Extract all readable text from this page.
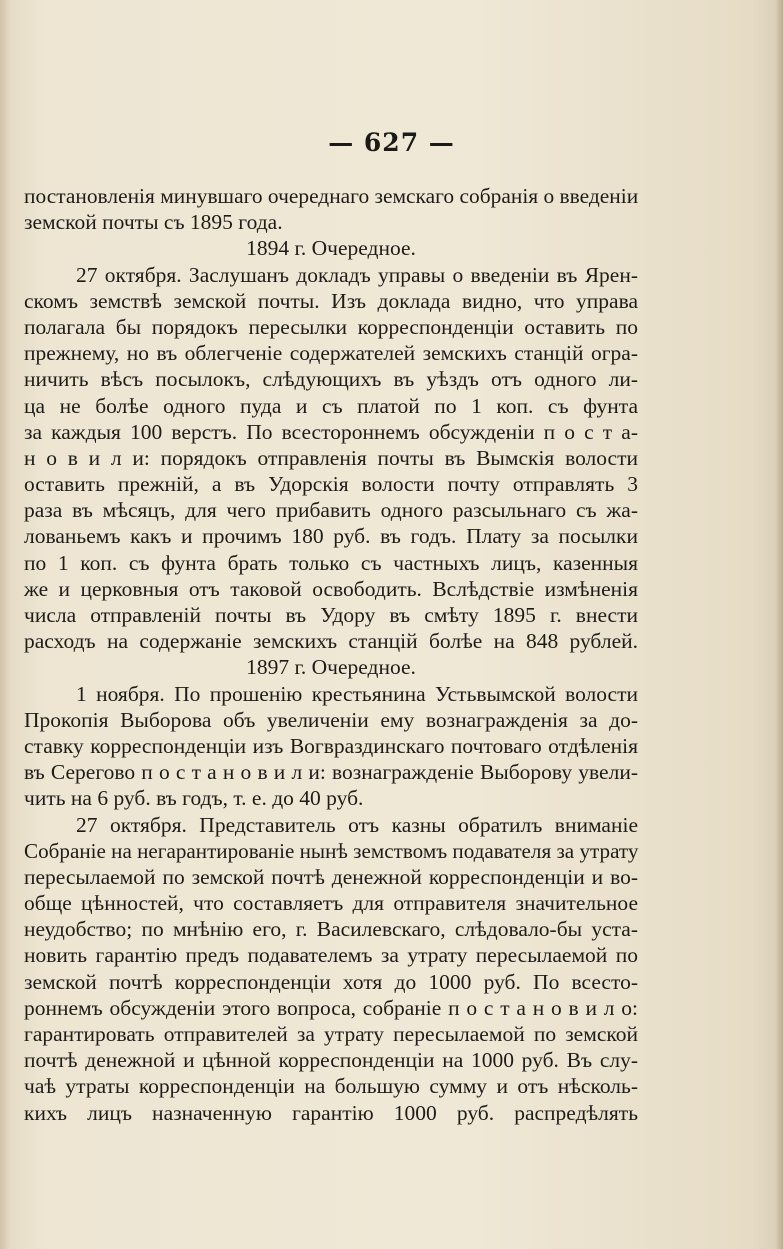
— 627 —
постановленія минувшаго очереднаго земскаго собранія о введеніи
земской почты съ 1895 года.
1894 г. Очередное.
27 октября. Заслушанъ докладъ управы о введеніи въ Ярен-
скомъ земствѣ земской почты. Изъ доклада видно, что управа
полагала бы порядокъ пересылки корреспонденціи оставить по
прежнему, но въ облегченіе содержателей земскихъ станцій огра-
ничить вѣсъ посылокъ, слѣдующихъ въ уѣздъ отъ одного ли-
ца не болѣе одного пуда и съ платой по 1 коп. съ фунта
за каждыя 100 верстъ. По всестороннемъ обсужденіи п о с т а-
н о в и л и: порядокъ отправленія почты въ Вымскія волости
оставить прежній, а въ Удорскія волости почту отправлять 3
раза въ мѣсяцъ, для чего прибавить одного разсыльнаго съ жа-
лованьемъ какъ и прочимъ 180 руб. въ годъ. Плату за посылки
по 1 коп. съ фунта брать только съ частныхъ лицъ, казенныя
же и церковныя отъ таковой освободить. Вслѣдствіе измѣненія
числа отправленій почты въ Удору въ смѣту 1895 г. внести
расходъ на содержаніе земскихъ станцій болѣе на 848 рублей.
1897 г. Очередное.
1 ноября. По прошенію крестьянина Устьвымской волости
Прокопія Выборова объ увеличеніи ему вознагражденія за до-
ставку корреспонденціи изъ Вогвраздинскаго почтоваго отдѣленія
въ Серегово п о с т а н о в и л и: вознагражденіе Выборову увели-
чить на 6 руб. въ годъ, т. е. до 40 руб.
27 октября. Представитель отъ казны обратилъ вниманіе
Собраніе на негарантированіе нынѣ земствомъ подавателя за утрату
пересылаемой по земской почтѣ денежной корреспонденціи и во-
обще цѣнностей, что составляетъ для отправителя значительное
неудобство; по мнѣнію его, г. Василевскаго, слѣдовало-бы уста-
новить гарантію предъ подавателемъ за утрату пересылаемой по
земской почтѣ корреспонденціи хотя до 1000 руб. По всесто-
роннемъ обсужденіи этого вопроса, собраніе п о с т а н о в и л о:
гарантировать отправителей за утрату пересылаемой по земской
почтѣ денежной и цѣнной корреспонденціи на 1000 руб. Въ слу-
чаѣ утраты корреспонденціи на большую сумму и отъ нѣсколь-
кихъ лицъ назначенную гарантію 1000 руб. распредѣлять
